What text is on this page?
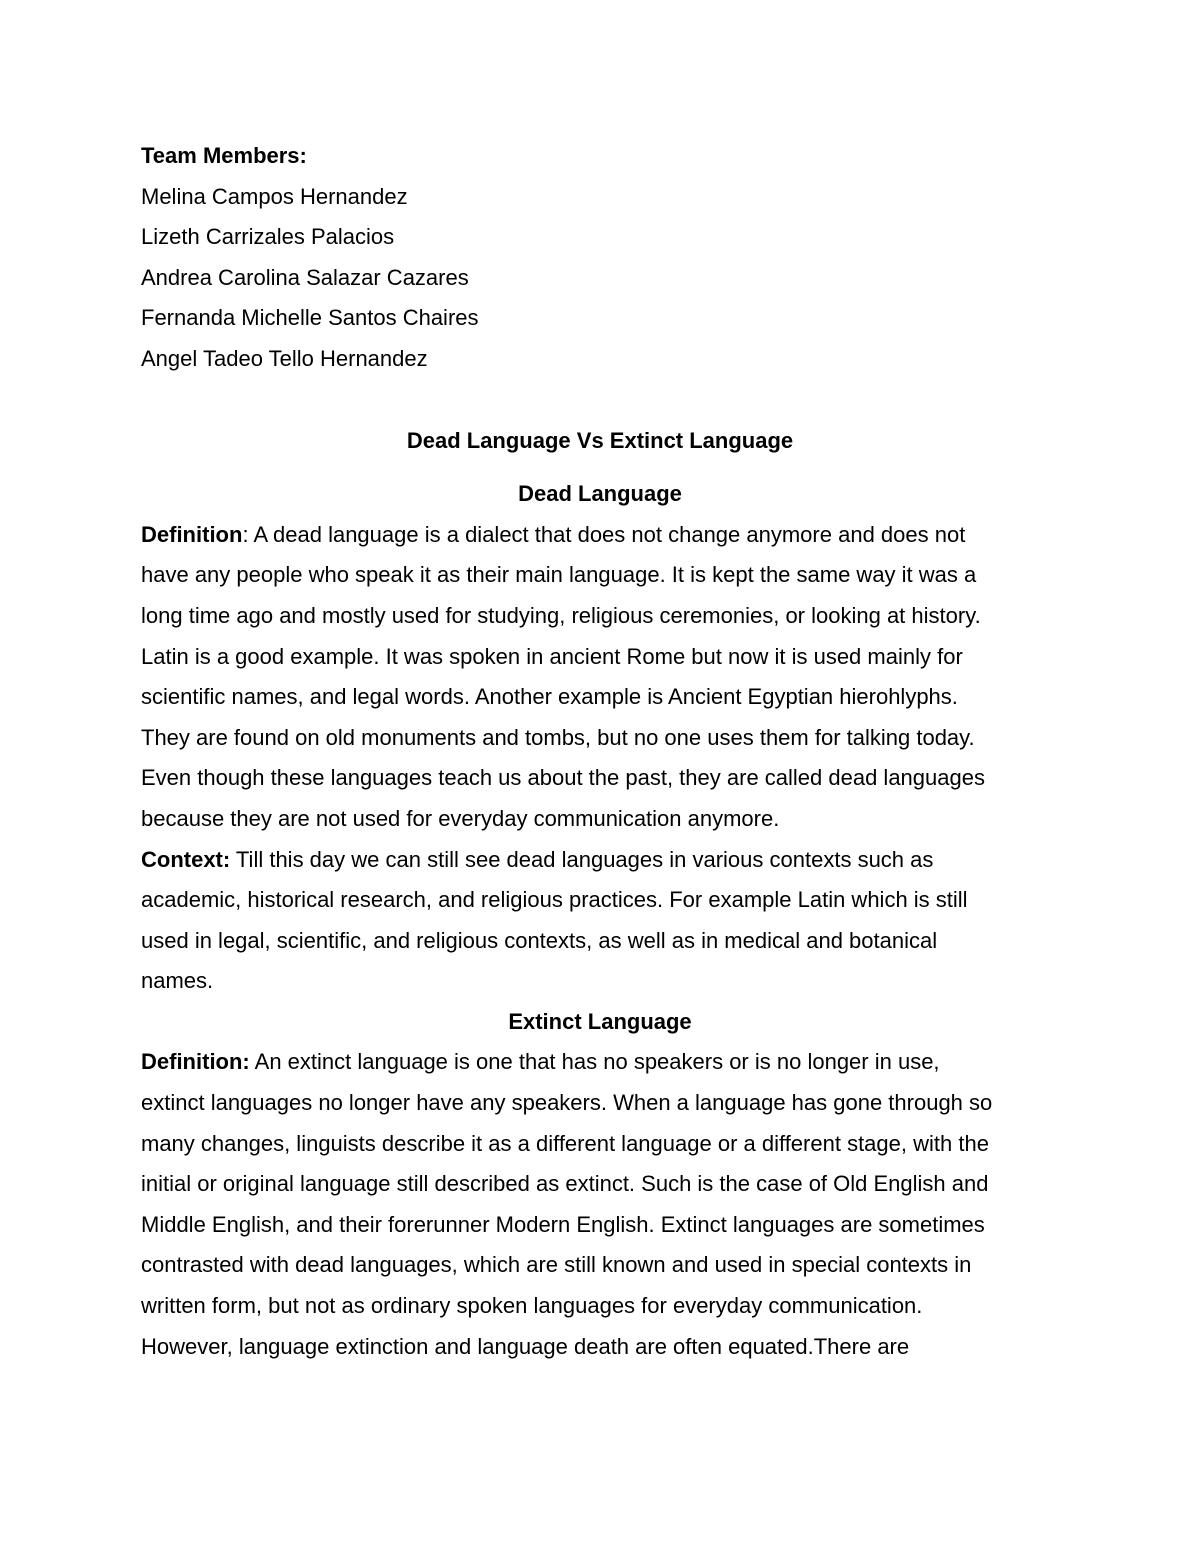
Team Members:

Melina Campos Hernandez

Lizeth Carrizales Palacios

Andrea Carolina Salazar Cazares

Fernanda Michelle Santos Chaires

Angel Tadeo Tello Hernandez

Dead Language Vs Extinct Language

Dead Language

Definition: A dead language is a dialect that does not change anymore and does not
have any people who speak it as their main language. It is kept the same way it was a
long time ago and mostly used for studying, religious ceremonies, or looking at history.
Latin is a good example. It was spoken in ancient Rome but now it is used mainly for
scientific names, and legal words. Another example is Ancient Egyptian hierohlyphs.
They are found on old monuments and tombs, but no one uses them for talking today.
Even though these languages teach us about the past, they are called dead languages
because they are not used for everyday communication anymore.
Context: Till this day we can still see dead languages in various contexts such as
academic, historical research, and religious practices. For example Latin which is still
used in legal, scientific, and religious contexts, as well as in medical and botanical
names.

Extinct Language

Definition: An extinct language is one that has no speakers or is no longer in use,
extinct languages no longer have any speakers. When a language has gone through so
many changes, linguists describe it as a different language or a different stage, with the
initial or original language still described as extinct. Such is the case of Old English and
Middle English, and their forerunner Modern English. Extinct languages are sometimes
contrasted with dead languages, which are still known and used in special contexts in
written form, but not as ordinary spoken languages for everyday communication.
However, language extinction and language death are often equated.There are
